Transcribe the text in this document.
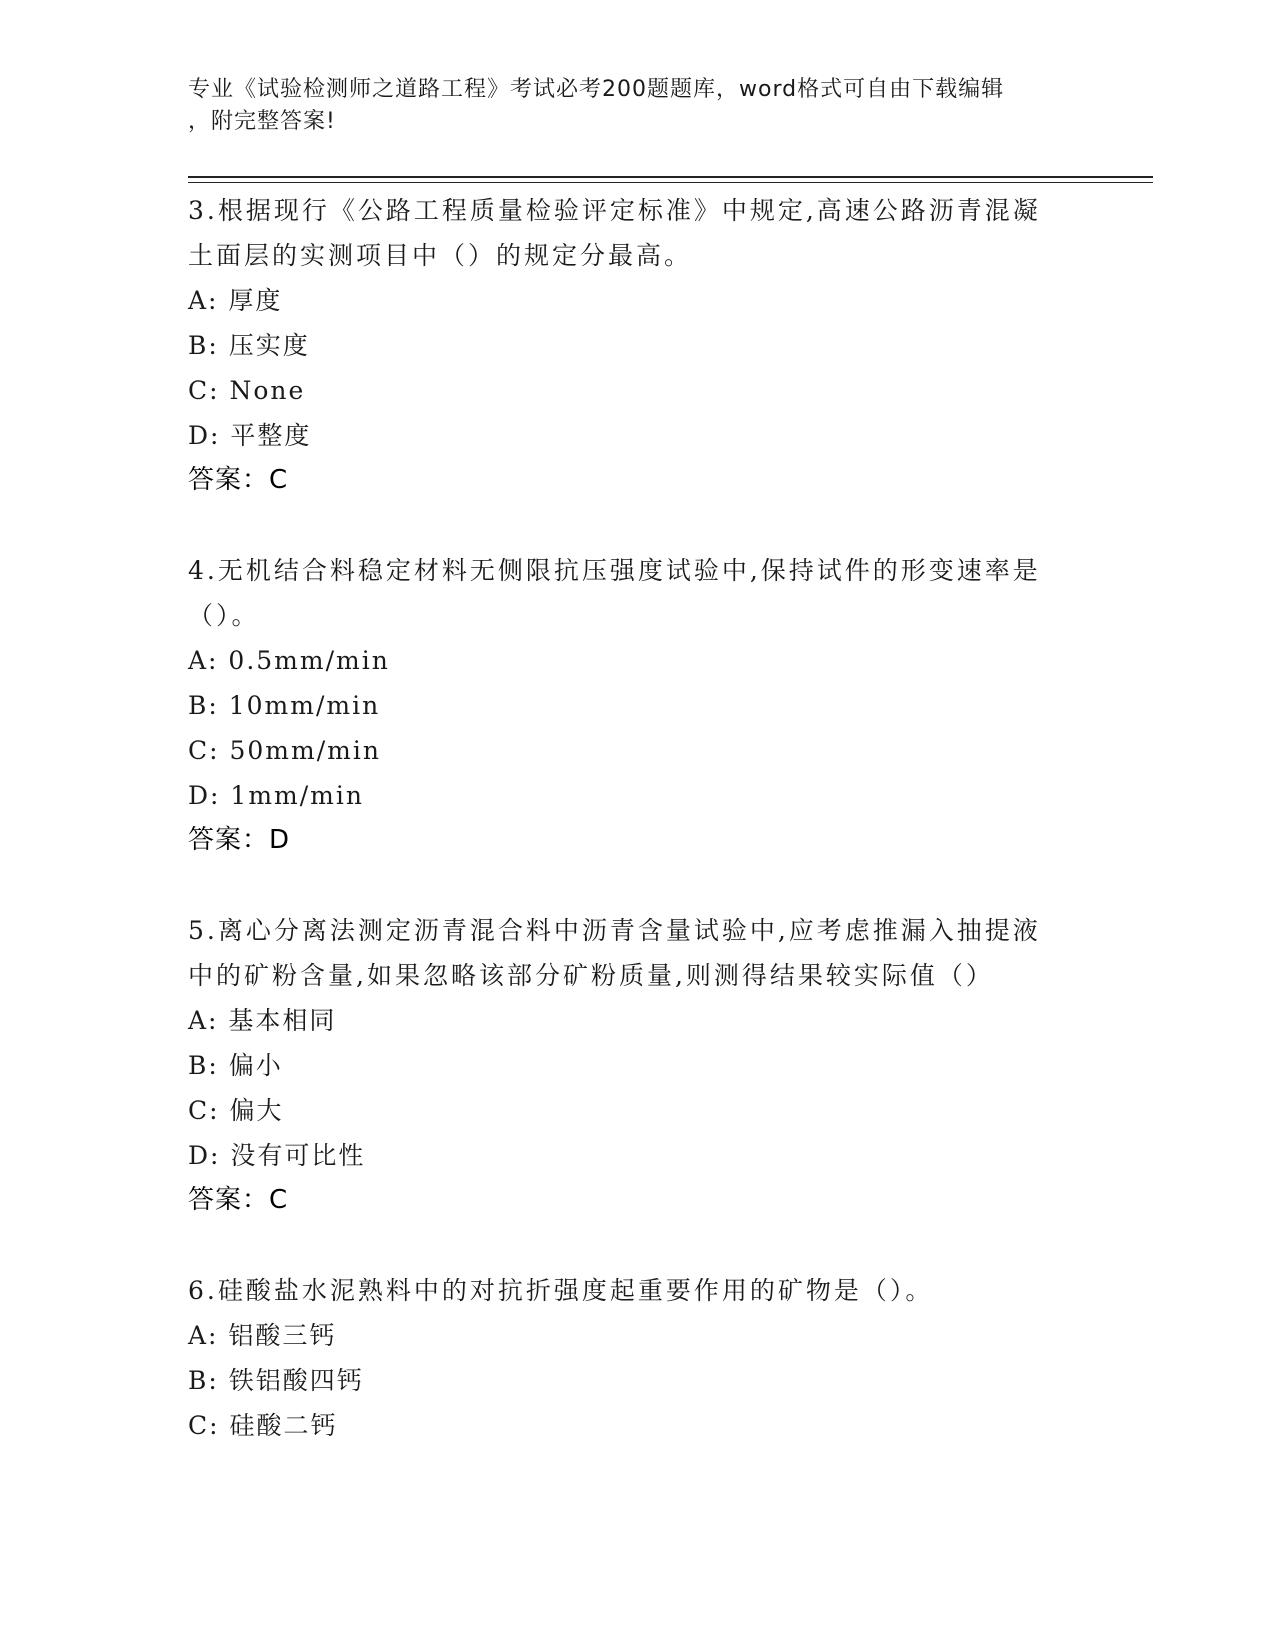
专业《试验检测师之道路工程》考试必考200题题库，word格式可自由下载编辑
，附完整答案!
3.根据现行《公路工程质量检验评定标准》中规定,高速公路沥青混凝
土面层的实测项目中（）的规定分最高。
A: 厚度
B: 压实度
C: None
D: 平整度
答案：C
4.无机结合料稳定材料无侧限抗压强度试验中,保持试件的形变速率是
（）。
A: 0.5mm/min
B: 10mm/min
C: 50mm/min
D: 1mm/min
答案：D
5.离心分离法测定沥青混合料中沥青含量试验中,应考虑推漏入抽提液
中的矿粉含量,如果忽略该部分矿粉质量,则测得结果较实际值（）
A: 基本相同
B: 偏小
C: 偏大
D: 没有可比性
答案：C
6.硅酸盐水泥熟料中的对抗折强度起重要作用的矿物是（）。
A: 铝酸三钙
B: 铁铝酸四钙
C: 硅酸二钙
